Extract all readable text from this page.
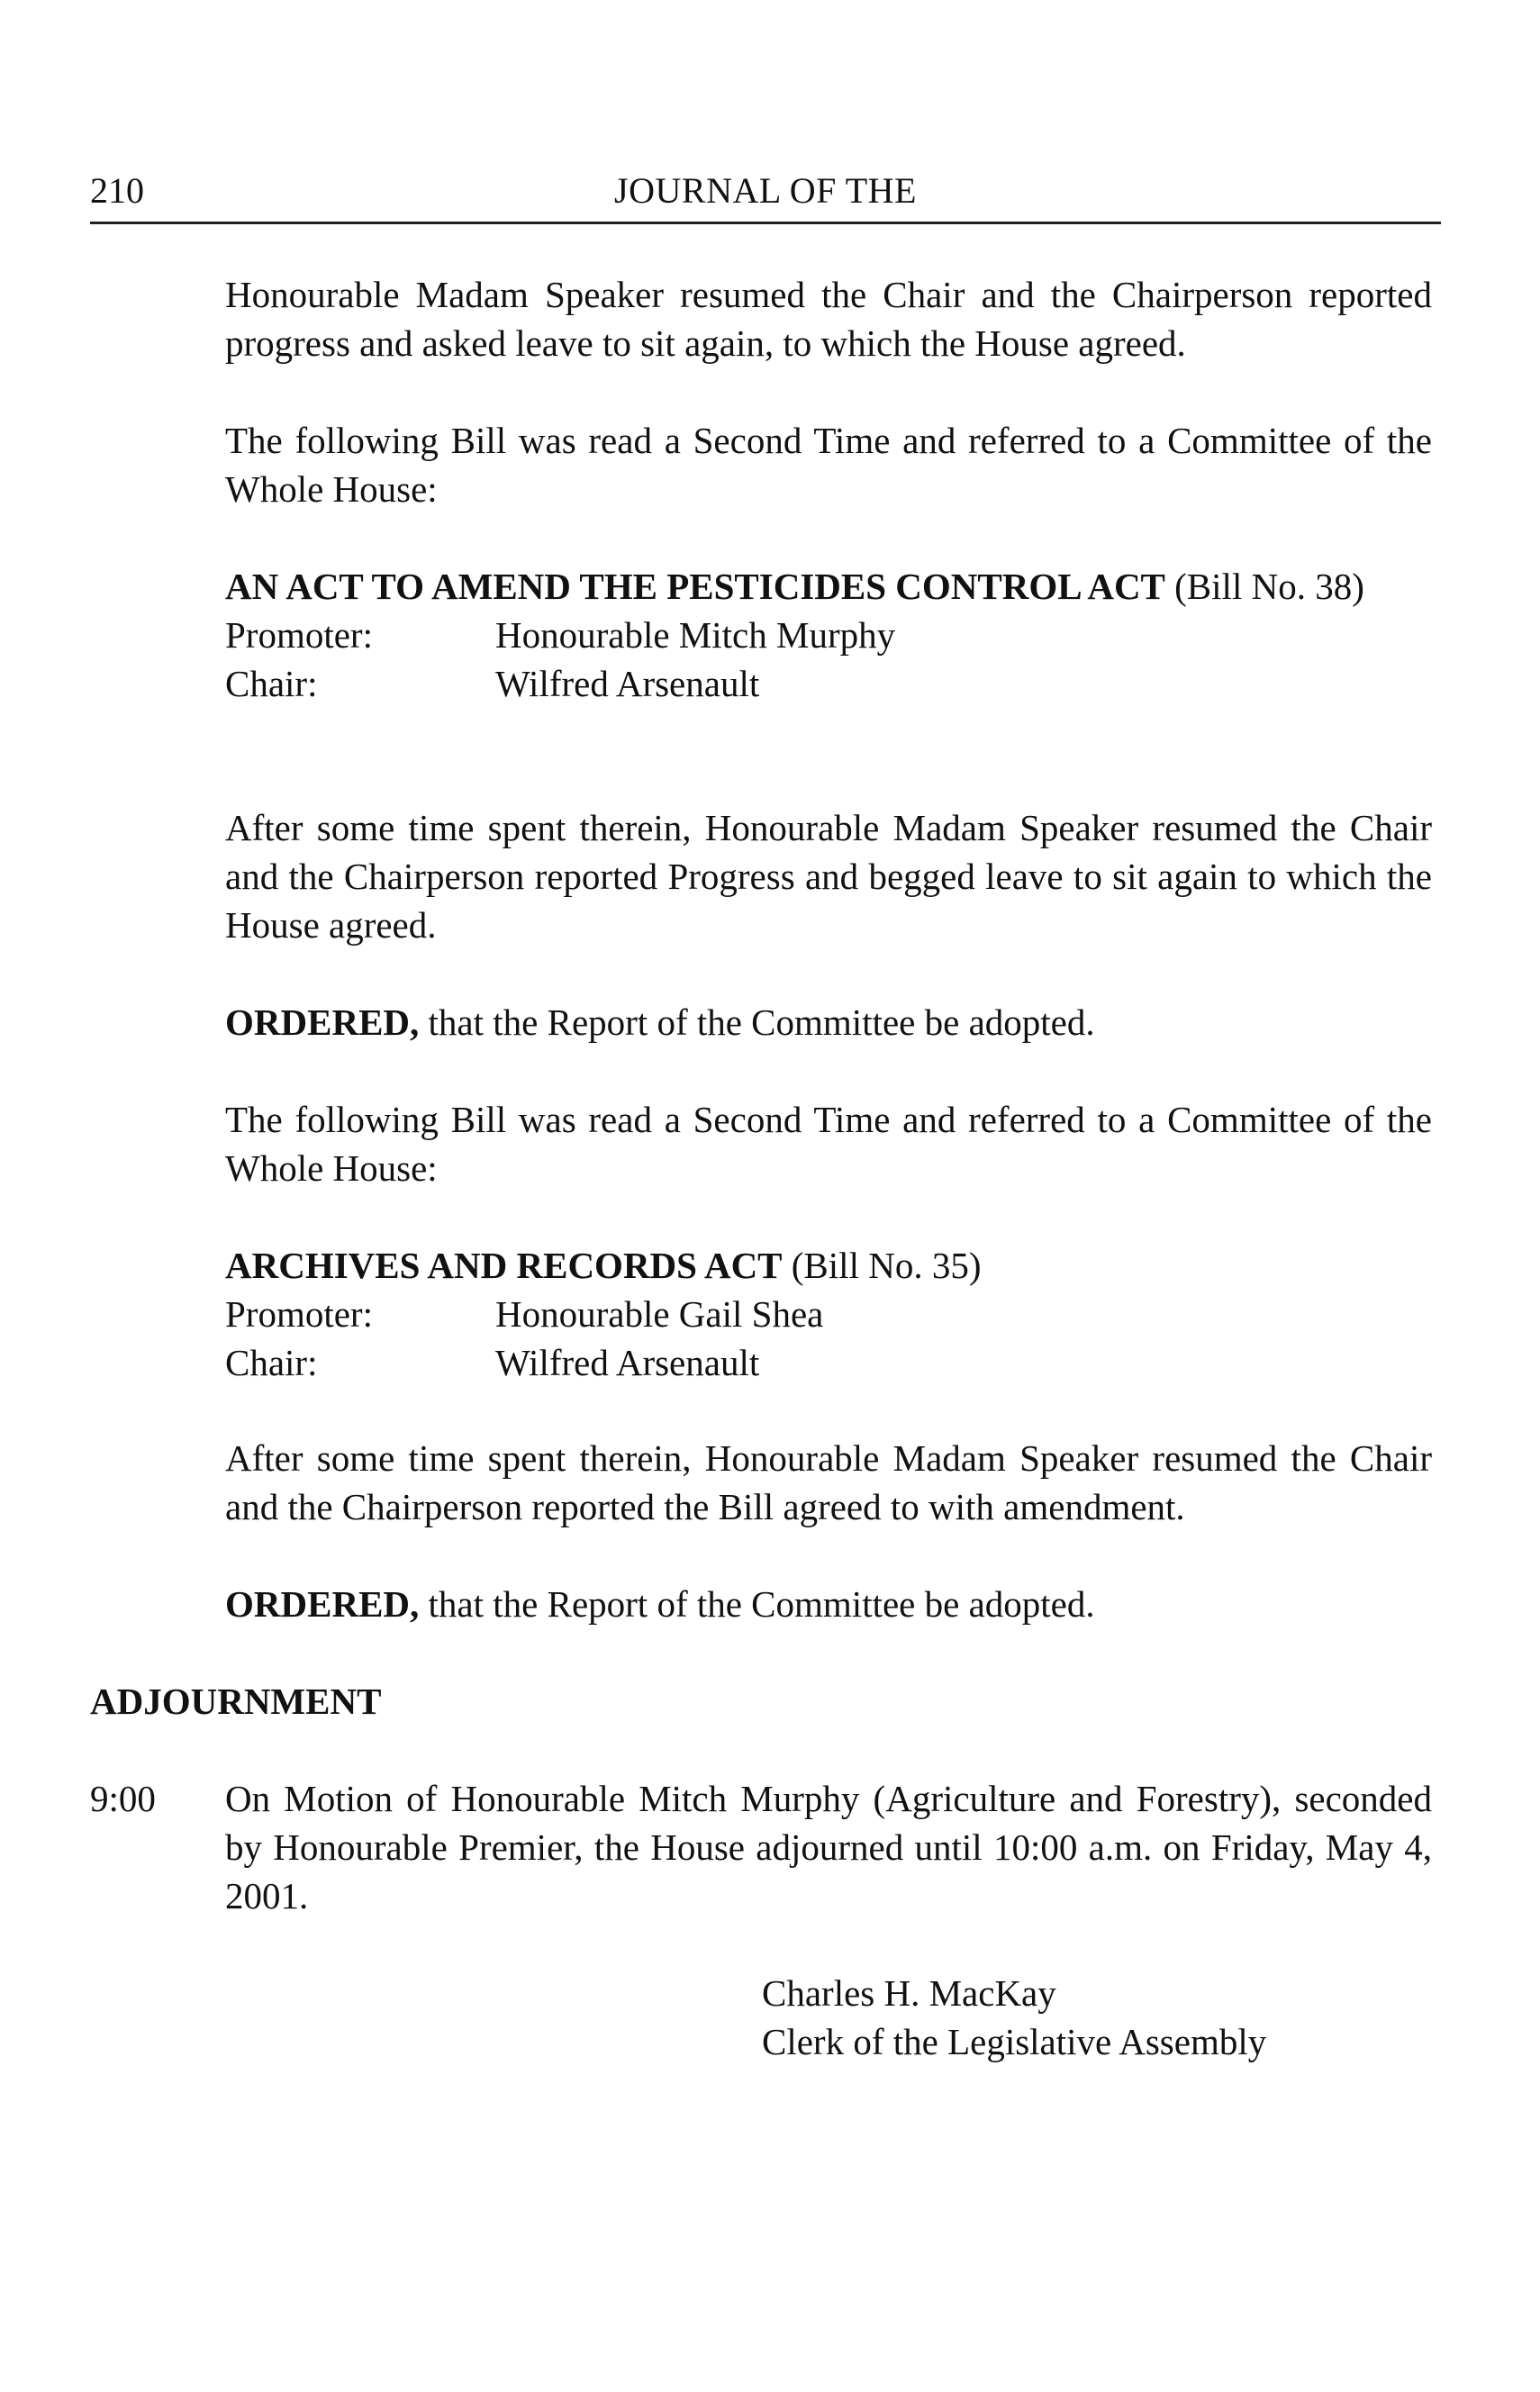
210	JOURNAL OF THE
Honourable Madam Speaker resumed the Chair and the Chairperson reported progress and asked leave to sit again, to which the House agreed.
The following Bill was read a Second Time and referred to a Committee of the Whole House:
AN ACT TO AMEND THE PESTICIDES CONTROL ACT (Bill No. 38)
Promoter:	Honourable Mitch Murphy
Chair:	Wilfred Arsenault
After some time spent therein, Honourable Madam Speaker resumed the Chair and the Chairperson reported Progress and begged leave to sit again to which the House agreed.
ORDERED, that the Report of the Committee be adopted.
The following Bill was read a Second Time and referred to a Committee of the Whole House:
ARCHIVES AND RECORDS ACT (Bill No. 35)
Promoter:	Honourable Gail Shea
Chair:	Wilfred Arsenault
After some time spent therein, Honourable Madam Speaker resumed the Chair and the Chairperson reported the Bill agreed to with amendment.
ORDERED, that the Report of the Committee be adopted.
ADJOURNMENT
9:00 On Motion of Honourable Mitch Murphy (Agriculture and Forestry), seconded by Honourable Premier, the House adjourned until 10:00 a.m. on Friday, May 4, 2001.
Charles H. MacKay
Clerk of the Legislative Assembly
